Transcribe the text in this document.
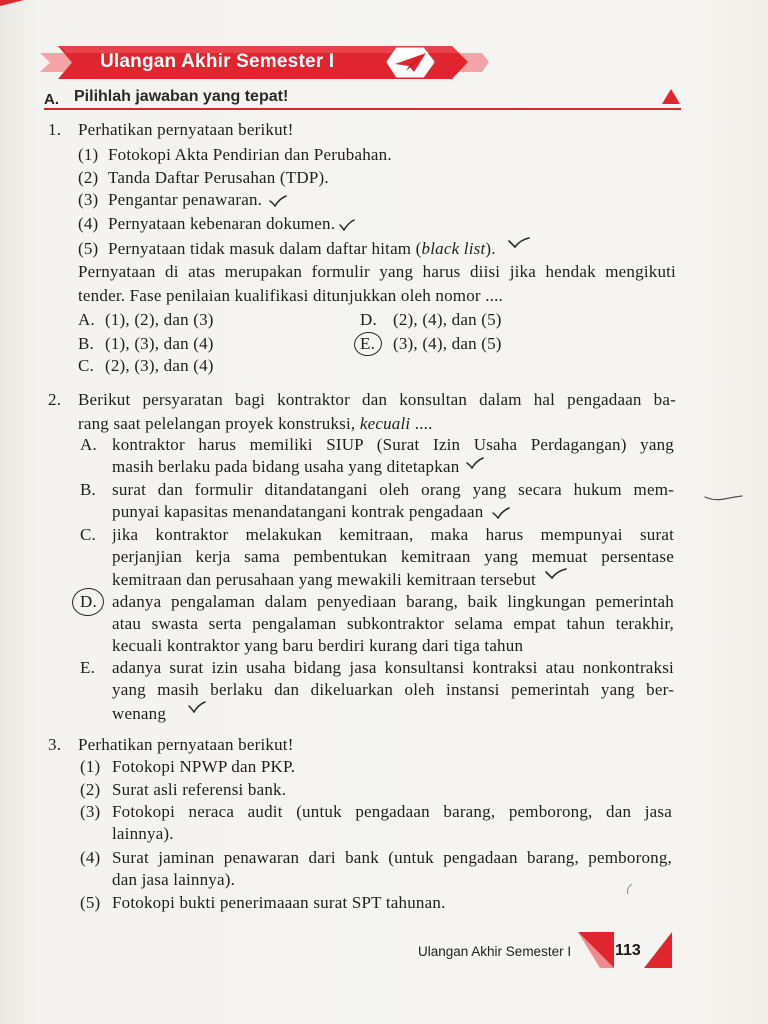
Ulangan Akhir Semester I
A. Pilihlah jawaban yang tepat!
1. Perhatikan pernyataan berikut!
(1) Fotokopi Akta Pendirian dan Perubahan.
(2) Tanda Daftar Perusahan (TDP).
(3) Pengantar penawaran.
(4) Pernyataan kebenaran dokumen.
(5) Pernyataan tidak masuk dalam daftar hitam (black list).
Pernyataan di atas merupakan formulir yang harus diisi jika hendak mengikuti
tender. Fase penilaian kualifikasi ditunjukkan oleh nomor ....
A. (1), (2), dan (3)
B. (1), (3), dan (4)
C. (2), (3), dan (4)
D. (2), (4), dan (5)
E. (3), (4), dan (5)
2. Berikut persyaratan bagi kontraktor dan konsultan dalam hal pengadaan ba-
rang saat pelelangan proyek konstruksi, kecuali ....
A. kontraktor harus memiliki SIUP (Surat Izin Usaha Perdagangan) yang
masih berlaku pada bidang usaha yang ditetapkan
B. surat dan formulir ditandatangani oleh orang yang secara hukum mem-
punyai kapasitas menandatangani kontrak pengadaan
C. jika kontraktor melakukan kemitraan, maka harus mempunyai surat
perjanjian kerja sama pembentukan kemitraan yang memuat persentase
kemitraan dan perusahaan yang mewakili kemitraan tersebut
D. adanya pengalaman dalam penyediaan barang, baik lingkungan pemerintah
atau swasta serta pengalaman subkontraktor selama empat tahun terakhir,
kecuali kontraktor yang baru berdiri kurang dari tiga tahun
E. adanya surat izin usaha bidang jasa konsultansi kontraksi atau nonkontraksi
yang masih berlaku dan dikeluarkan oleh instansi pemerintah yang ber-
wenang
3. Perhatikan pernyataan berikut!
(1) Fotokopi NPWP dan PKP.
(2) Surat asli referensi bank.
(3) Fotokopi neraca audit (untuk pengadaan barang, pemborong, dan jasa
lainnya).
(4) Surat jaminan penawaran dari bank (untuk pengadaan barang, pemborong,
dan jasa lainnya).
(5) Fotokopi bukti penerimaaan surat SPT tahunan.
Ulangan Akhir Semester I	113
